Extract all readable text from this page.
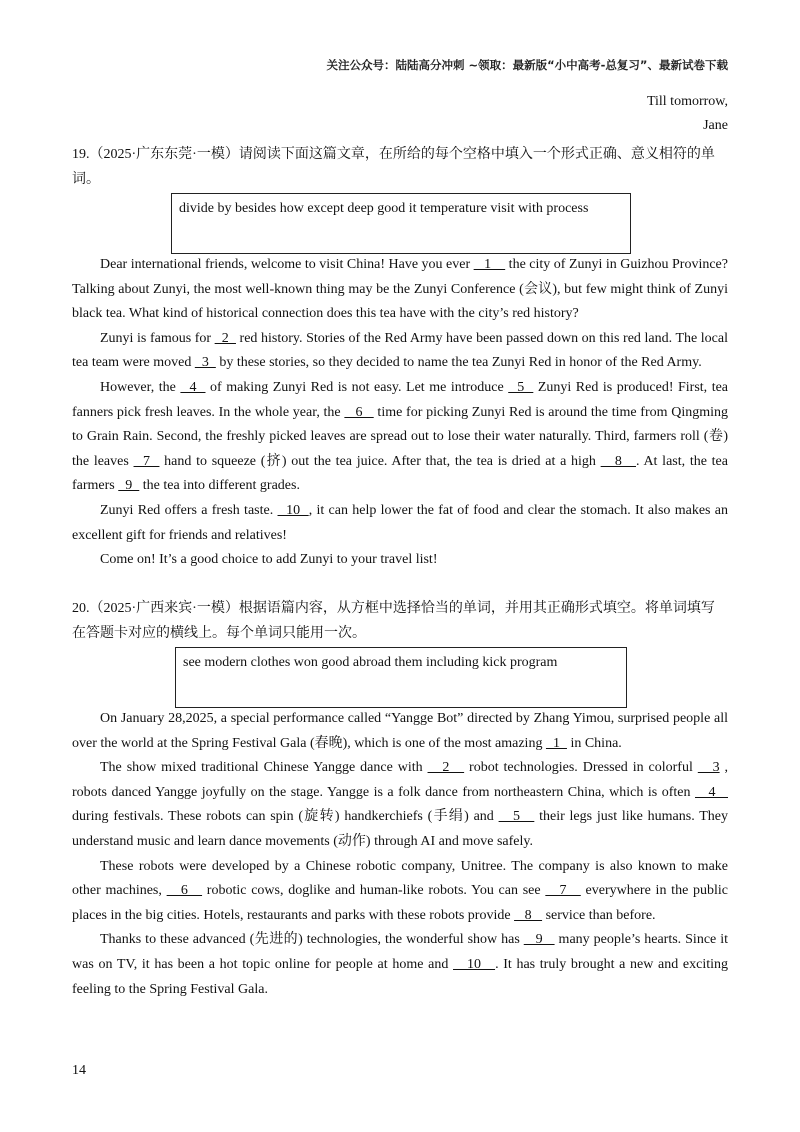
关注公众号：陆陆高分冲刺 ~领取：最新版“小中高考-总复习”、最新试卷下载
Till tomorrow,
Jane
19.（2025·广东东莞·一模）请阅读下面这篇文章，在所给的每个空格中填入一个形式正确、意义相符的单词。
divide by besides how except deep good it temperature visit with process
Dear international friends, welcome to visit China! Have you ever    1     the city of Zunyi in Guizhou Province? Talking about Zunyi, the most well-known thing may be the Zunyi Conference (会议), but few might think of Zunyi black tea. What kind of historical connection does this tea have with the city’s red history?
Zunyi is famous for   2   red history. Stories of the Red Army have been passed down on this red land. The local tea team were moved   3   by these stories, so they decided to name the tea Zunyi Red in honor of the Red Army.
However, the   4   of making Zunyi Red is not easy. Let me introduce   5   Zunyi Red is produced! First, tea fanners pick fresh leaves. In the whole year, the    6    time for picking Zunyi Red is around the time from Qingming to Grain Rain. Second, the freshly picked leaves are spread out to lose their water naturally. Third, farmers roll (卷) the leaves   7   hand to squeeze (挤) out the tea juice. After that, the tea is dried at a high    8   . At last, the tea farmers   9   the tea into different grades.
Zunyi Red offers a fresh taste.   10  , it can help lower the fat of food and clear the stomach. It also makes an excellent gift for friends and relatives!
Come on! It’s a good choice to add Zunyi to your travel list!
20.（2025·广西来宾·一模）根据语篇内容，从方框中选择恰当的单词，并用其正确形式填空。将单词填写在答题卡对应的横线上。每个单词只能用一次。
see modern clothes won good abroad them including kick program
On January 28,2025, a special performance called “Yangge Bot” directed by Zhang Yimou, surprised people all over the world at the Spring Festival Gala (春晚), which is one of the most amazing   1   in China.
The show mixed traditional Chinese Yangge dance with    2    robot technologies. Dressed in colorful    3 , robots danced Yangge joyfully on the stage. Yangge is a folk dance from northeastern China, which is often    4    during festivals. These robots can spin (旋转) handkerchiefs (手绢) and    5    their legs just like humans. They understand music and learn dance movements (动作) through AI and move safely.
These robots were developed by a Chinese robotic company, Unitree. The company is also known to make other machines,    6    robotic cows, doglike and human-like robots. You can see    7    everywhere in the public places in the big cities. Hotels, restaurants and parks with these robots provide    8    service than before.
Thanks to these advanced (先进的) technologies, the wonderful show has    9    many people’s hearts. Since it was on TV, it has been a hot topic online for people at home and    10   . It has truly brought a new and exciting feeling to the Spring Festival Gala.
14
